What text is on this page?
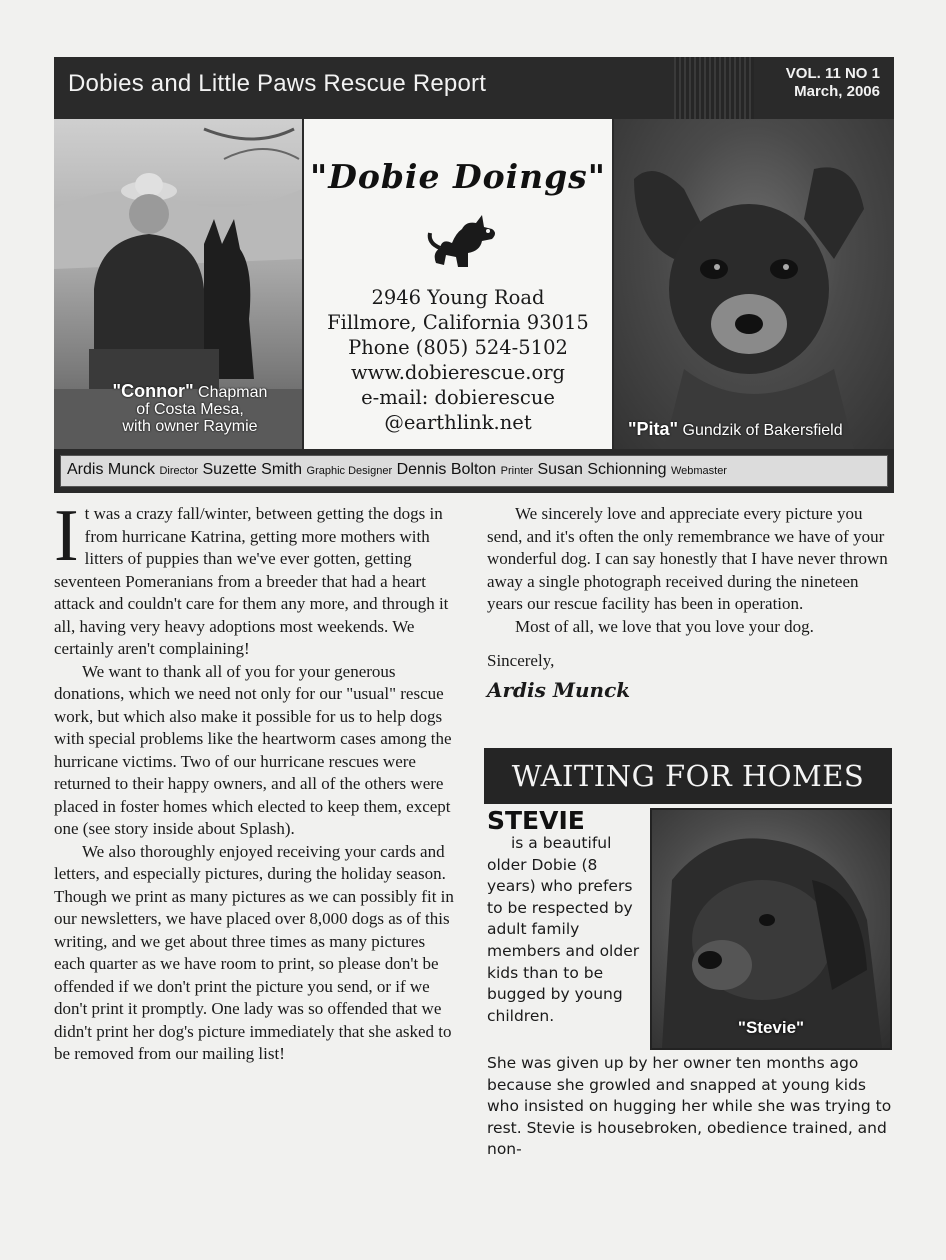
Dobies and Little Paws Rescue Report	VOL. 11 NO 1
March, 2006
"Connor" Chapman
of Costa Mesa,
with owner Raymie
"Dobie Doings"
2946 Young Road
Fillmore, California 93015
Phone (805) 524-5102
www.dobierescue.org
e-mail: dobierescue
@earthlink.net	"Pita" Gundzik of Bakersfield
Ardis Munck Director Suzette Smith Graphic Designer Dennis Bolton Printer Susan Schionning Webmaster

It was a crazy fall/winter, between getting the dogs in from hurricane Katrina, getting more mothers with litters of puppies than we've ever gotten, getting seventeen Pomeranians from a breeder that had a heart attack and couldn't care for them any more, and through it all, having very heavy adoptions most weekends. We certainly aren't complaining!

We want to thank all of you for your generous donations, which we need not only for our "usual" rescue work, but which also make it possible for us to help dogs with special problems like the heartworm cases among the hurricane victims. Two of our hurricane rescues were returned to their happy owners, and all of the others were placed in foster homes which elected to keep them, except one (see story inside about Splash).

We also thoroughly enjoyed receiving your cards and letters, and especially pictures, during the holiday season. Though we print as many pictures as we can possibly fit in our newsletters, we have placed over 8,000 dogs as of this writing, and we get about three times as many pictures each quarter as we have room to print, so please don't be offended if we don't print the picture you send, or if we don't print it promptly. One lady was so offended that we didn't print her dog's picture immediately that she asked to be removed from our mailing list!

We sincerely love and appreciate every picture you send, and it's often the only remembrance we have of your wonderful dog. I can say honestly that I have never thrown away a single photograph received during the nineteen years our rescue facility has been in operation.

Most of all, we love that you love your dog.

Sincerely,

Ardis Munck
WAITING FOR HOMES
STEVIE
is a beautiful
older Dobie (8 years) who prefers to be respected by adult family members and older kids than to be bugged by young children.
"Stevie"
She was given up by her owner ten months ago because she growled and snapped at young kids who insisted on hugging her while she was trying to rest. Stevie is housebroken, obedience trained, and non-
